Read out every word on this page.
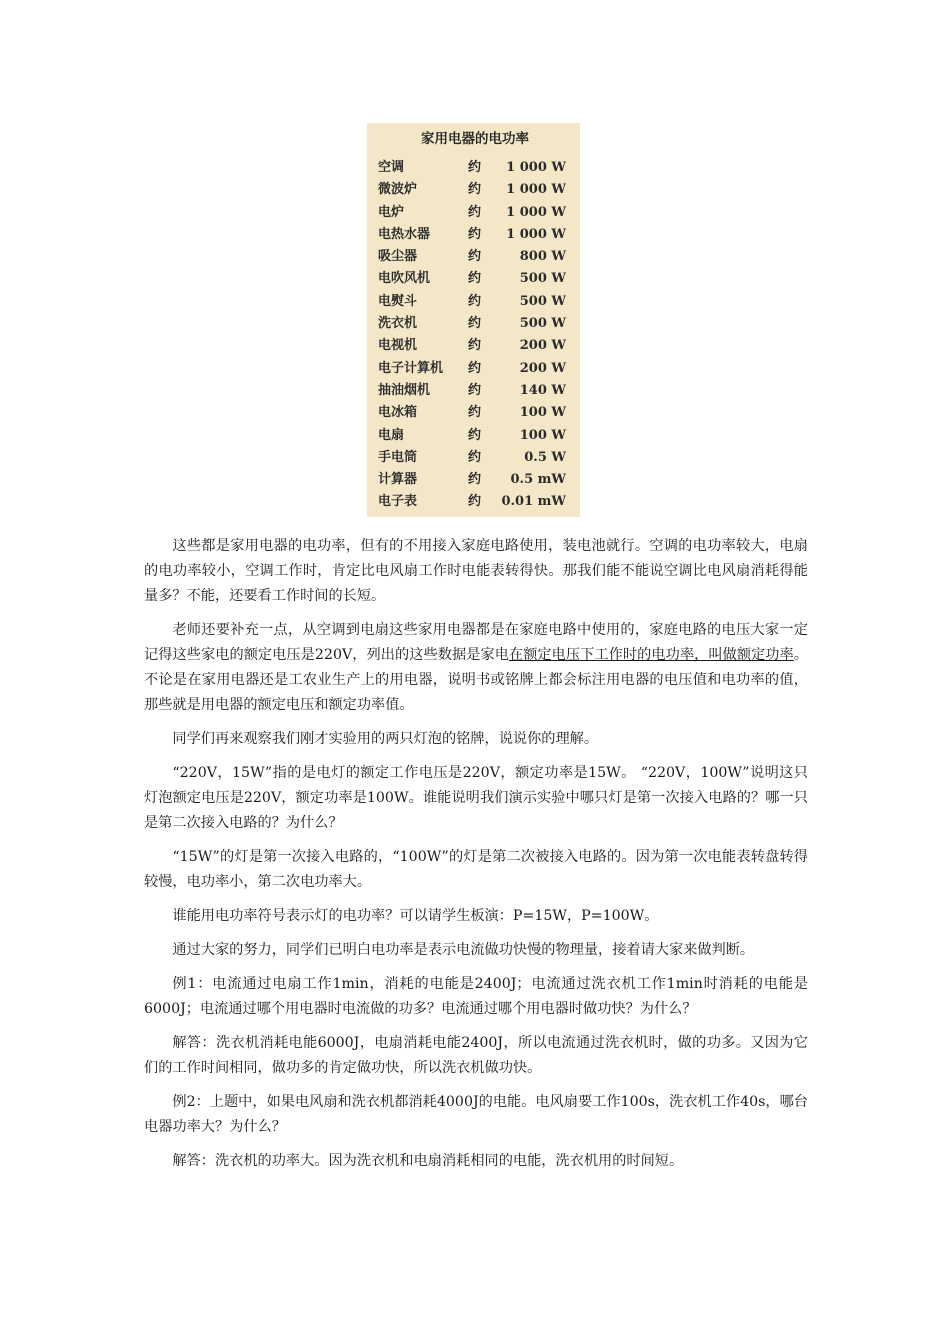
家用电器的电功率
空调	约	1 000 W
微波炉	约	1 000 W
电炉	约	1 000 W
电热水器	约	1 000 W
吸尘器	约	800 W
电吹风机	约	500 W
电熨斗	约	500 W
洗衣机	约	500 W
电视机	约	200 W
电子计算机	约	200 W
抽油烟机	约	140 W
电冰箱	约	100 W
电扇	约	100 W
手电筒	约	0.5 W
计算器	约	0.5 mW
电子表	约	0.01 mW

这些都是家用电器的电功率，但有的不用接入家庭电路使用，装电池就行。空调的电功率较大，电扇的电功率较小，空调工作时，肯定比电风扇工作时电能表转得快。那我们能不能说空调比电风扇消耗得能量多？不能，还要看工作时间的长短。

老师还要补充一点，从空调到电扇这些家用电器都是在家庭电路中使用的，家庭电路的电压大家一定记得这些家电的额定电压是220V，列出的这些数据是家电在额定电压下工作时的电功率，叫做额定功率。不论是在家用电器还是工农业生产上的用电器，说明书或铭牌上都会标注用电器的电压值和电功率的值，那些就是用电器的额定电压和额定功率值。

同学们再来观察我们刚才实验用的两只灯泡的铭牌，说说你的理解。

“220V，15W”指的是电灯的额定工作电压是220V，额定功率是15W。 “220V，100W”说明这只灯泡额定电压是220V，额定功率是100W。谁能说明我们演示实验中哪只灯是第一次接入电路的？哪一只是第二次接入电路的？为什么？

“15W”的灯是第一次接入电路的，“100W”的灯是第二次被接入电路的。因为第一次电能表转盘转得较慢，电功率小，第二次电功率大。

谁能用电功率符号表示灯的电功率？可以请学生板演：P=15W，P=100W。

通过大家的努力，同学们已明白电功率是表示电流做功快慢的物理量，接着请大家来做判断。

例1：电流通过电扇工作1min，消耗的电能是2400J；电流通过洗衣机工作1min时消耗的电能是6000J；电流通过哪个用电器时电流做的功多？电流通过哪个用电器时做功快？为什么？

解答：洗衣机消耗电能6000J，电扇消耗电能2400J，所以电流通过洗衣机时，做的功多。又因为它们的工作时间相同，做功多的肯定做功快，所以洗衣机做功快。

例2：上题中，如果电风扇和洗衣机都消耗4000J的电能。电风扇要工作100s，洗衣机工作40s，哪台电器功率大？为什么？

解答：洗衣机的功率大。因为洗衣机和电扇消耗相同的电能，洗衣机用的时间短。
